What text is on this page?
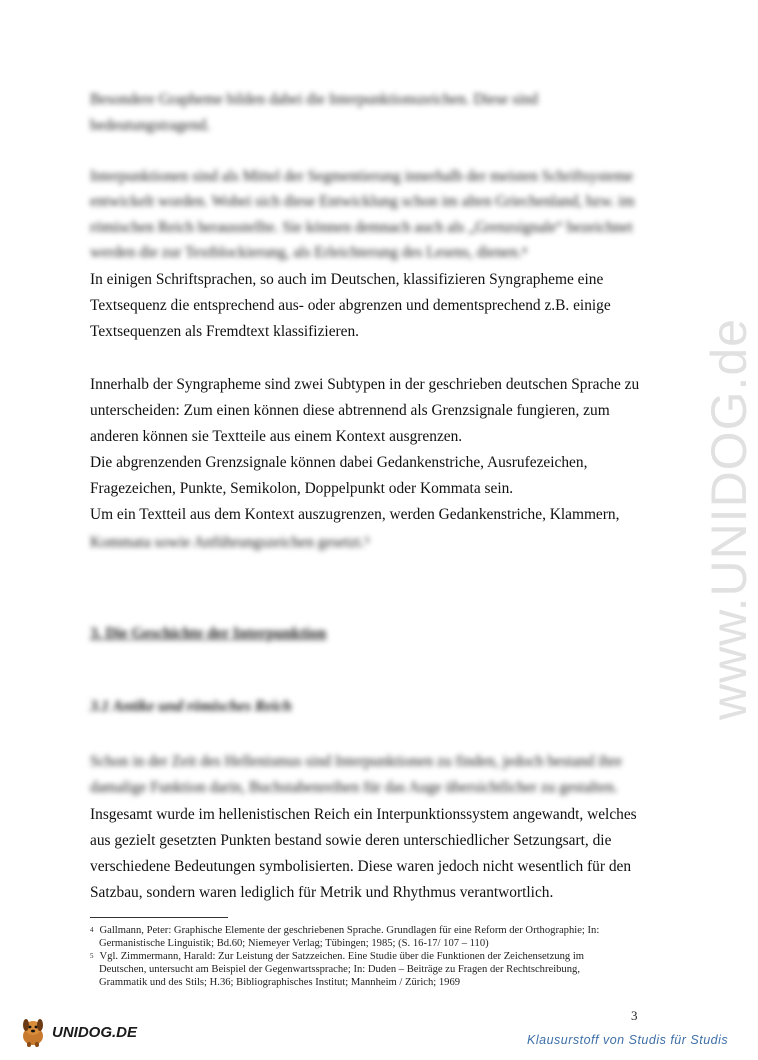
www.UNIDOG.de
Besondere Grapheme bilden dabei die Interpunktionszeichen. Diese sind
bedeutungstragend.
Interpunktionen sind als Mittel der Segmentierung innerhalb der meisten Schriftsysteme
entwickelt worden. Wobei sich diese Entwicklung schon im alten Griechenland, bzw. im
römischen Reich herausstellte. Sie können demnach auch als „Grenzsignale“ bezeichnet
werden die zur Textblockierung, als Erleichterung des Lesens, dienen.⁴
In einigen Schriftsprachen, so auch im Deutschen, klassifizieren Syngrapheme eine
Textsequenz die entsprechend aus- oder abgrenzen und dementsprechend z.B. einige
Textsequenzen als Fremdtext klassifizieren.
Innerhalb der Syngrapheme sind zwei Subtypen in der geschrieben deutschen Sprache zu
unterscheiden: Zum einen können diese abtrennend als Grenzsignale fungieren, zum
anderen können sie Textteile aus einem Kontext ausgrenzen.
Die abgrenzenden Grenzsignale können dabei Gedankenstriche, Ausrufezeichen,
Fragezeichen, Punkte, Semikolon, Doppelpunkt oder Kommata sein.
Um ein Textteil aus dem Kontext auszugrenzen, werden Gedankenstriche, Klammern,
Kommata sowie Anführungszeichen gesetzt.⁵
3. Die Geschichte der Interpunktion
3.1 Antike und römisches Reich
Schon in der Zeit des Hellenismus sind Interpunktionen zu finden, jedoch bestand ihre
damalige Funktion darin, Buchstabenreihen für das Auge übersichtlicher zu gestalten.
Insgesamt wurde im hellenistischen Reich ein Interpunktionssystem angewandt, welches
aus gezielt gesetzten Punkten bestand sowie deren unterschiedlicher Setzungsart, die
verschiedene Bedeutungen symbolisierten. Diese waren jedoch nicht wesentlich für den
Satzbau, sondern waren lediglich für Metrik und Rhythmus verantwortlich.
$^4$ Gallmann, Peter: Graphische Elemente der geschriebenen Sprache. Grundlagen für eine Reform der Orthographie; In:
Germanistische Linguistik; Bd.60; Niemeyer Verlag; Tübingen; 1985; (S. 16-17/ 107 – 110)
$^5$ Vgl. Zimmermann, Harald: Zur Leistung der Satzzeichen. Eine Studie über die Funktionen der Zeichensetzung im
Deutschen, untersucht am Beispiel der Gegenwartssprache; In: Duden – Beiträge zu Fragen der Rechtschreibung,
Grammatik und des Stils; H.36; Bibliographisches Institut; Mannheim / Zürich; 1969
3
UNIDOG.DE	Klausurstoff von Studis für Studis
